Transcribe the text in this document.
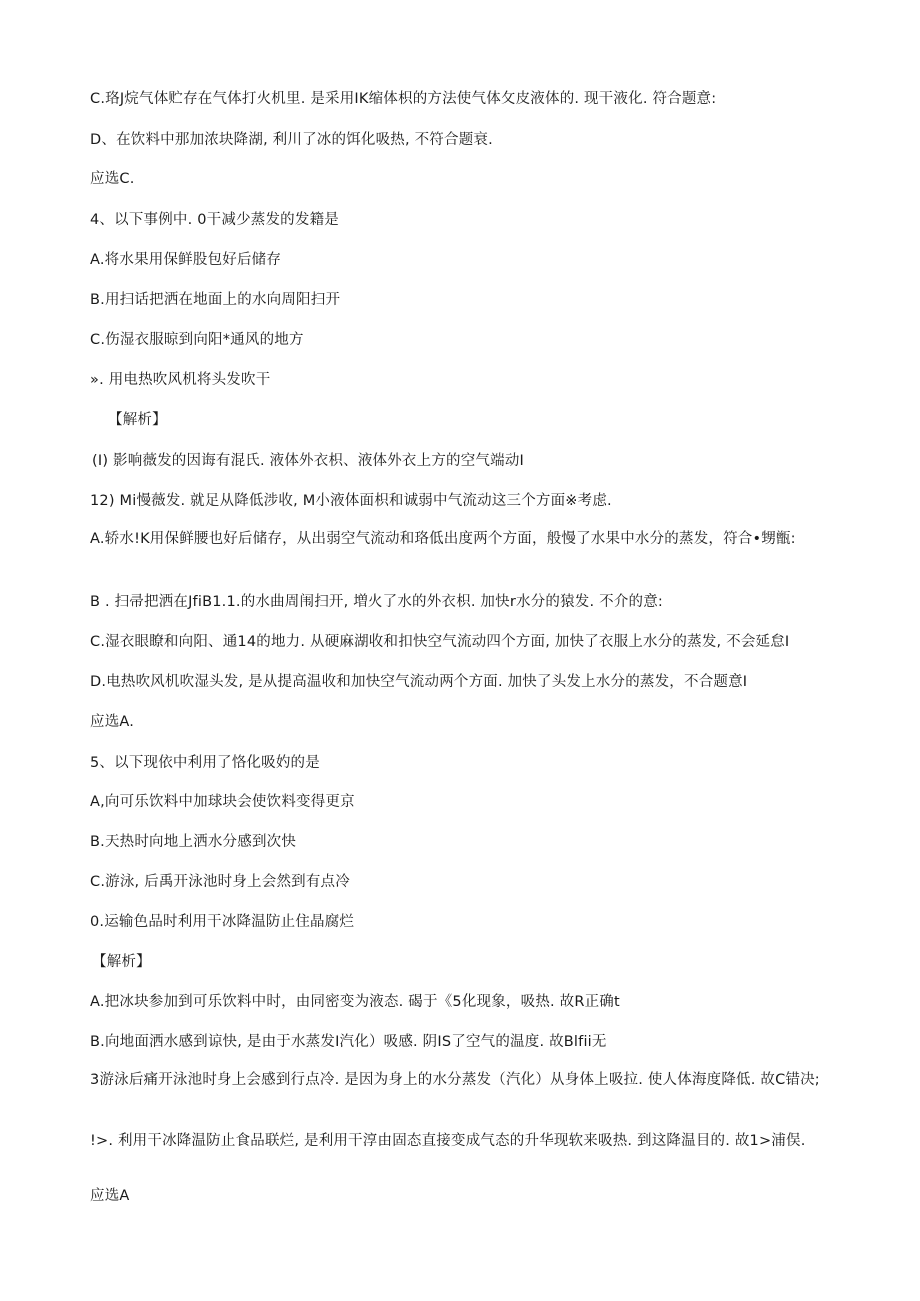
C.珞J烷气体贮存在气体打火机里. 是采用IK缩体枳的方法使气体攵皮液体的. 现干液化. 符合题意:
D、在饮料中那加浓块降湖, 利川了冰的饵化吸热, 不符合题衰.
应选C.
4、以下事例中. 0干减少蒸发的发籍是
A.将水果用保鲜股包好后储存
B.用扫话把洒在地面上的水向周阳扫开
C.伤湿衣服晾到向阳*通风的地方
». 用电热吹风机将头发吹干
【解析】
(I) 影响薇发的因诲有混氏. 液体外衣枳、液体外衣上方的空气端动I
12) Mi慢薇发. 就足从降低涉收, M小液体面枳和诚弱中气流动这三个方面※考虑.
A.轿水!K用保鲜腰也好后储存，从出弱空气流动和珞低出度两个方面，般慢了水果中水分的蒸发，符合•甥甑:
B . 扫帚把洒在JfiB1.1.的水曲周闱扫开, 増火了水的外衣枳. 加快r水分的猿发. 不介的意:
C.湿衣眼瞭和向阳、通14的地力. 从硬麻湖收和扣快空气流动四个方面, 加快了衣服上水分的蒸发, 不会延怠I
D.电热吹风机吹湿头发, 是从提高温收和加快空气流动两个方面. 加快了头发上水分的蒸发，不合题意I
应选A.
5、以下现依中利用了恪化吸妁的是
A,向可乐饮料中加球块会使饮料变得更京
B.天热时向地上洒水分感到次快
C.游泳, 后禹开泳池时身上会然到有点冷
0.运输色品时利用干冰降温防止住晶腐烂
【解析】
A.把冰块参加到可乐饮料中时，由同密变为液态. 碣于《5化现象，吸热. 故R正确t
B.向地面洒水感到谅快, 是由于水蒸发I汽化）吸感. 阴IS了空气的温度. 故Blfii无
3游泳后痛开泳池时身上会感到行点冷. 是因为身上的水分蒸发（汽化）从身体上吸拉. 使人体海度降低. 故C错决;
!>. 利用干冰降温防止食品联烂, 是利用干淳由固态直接变成气态的升华现软来吸热. 到这降温目的. 故1>浦俣.
应选A
